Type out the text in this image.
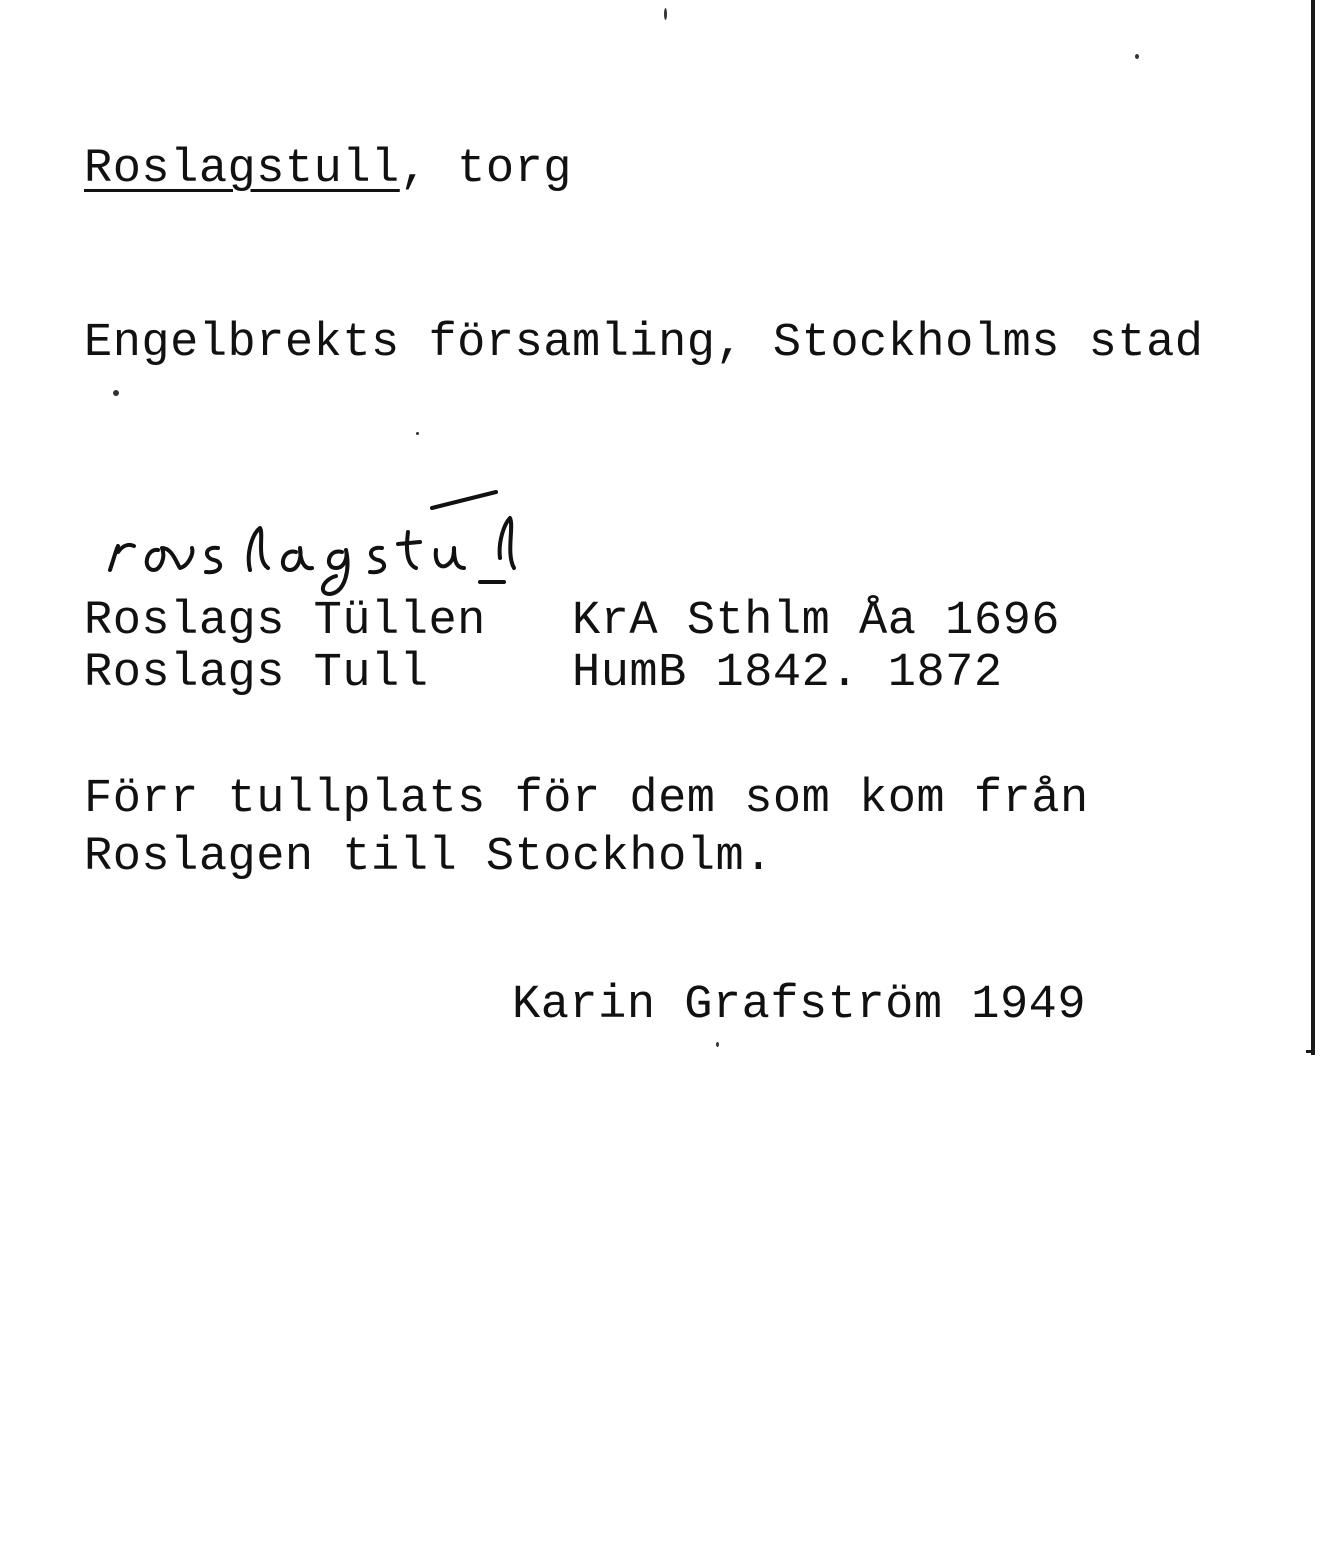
Roslagstull, torg

Engelbrekts församling, Stockholms stad

Roslags Tüllen KrA Sthlm Åa 1696

Roslags Tull	HumB 1842. 1872

Förr tullplats för dem som kom från

Roslagen till Stockholm.

Karin Grafström 1949
